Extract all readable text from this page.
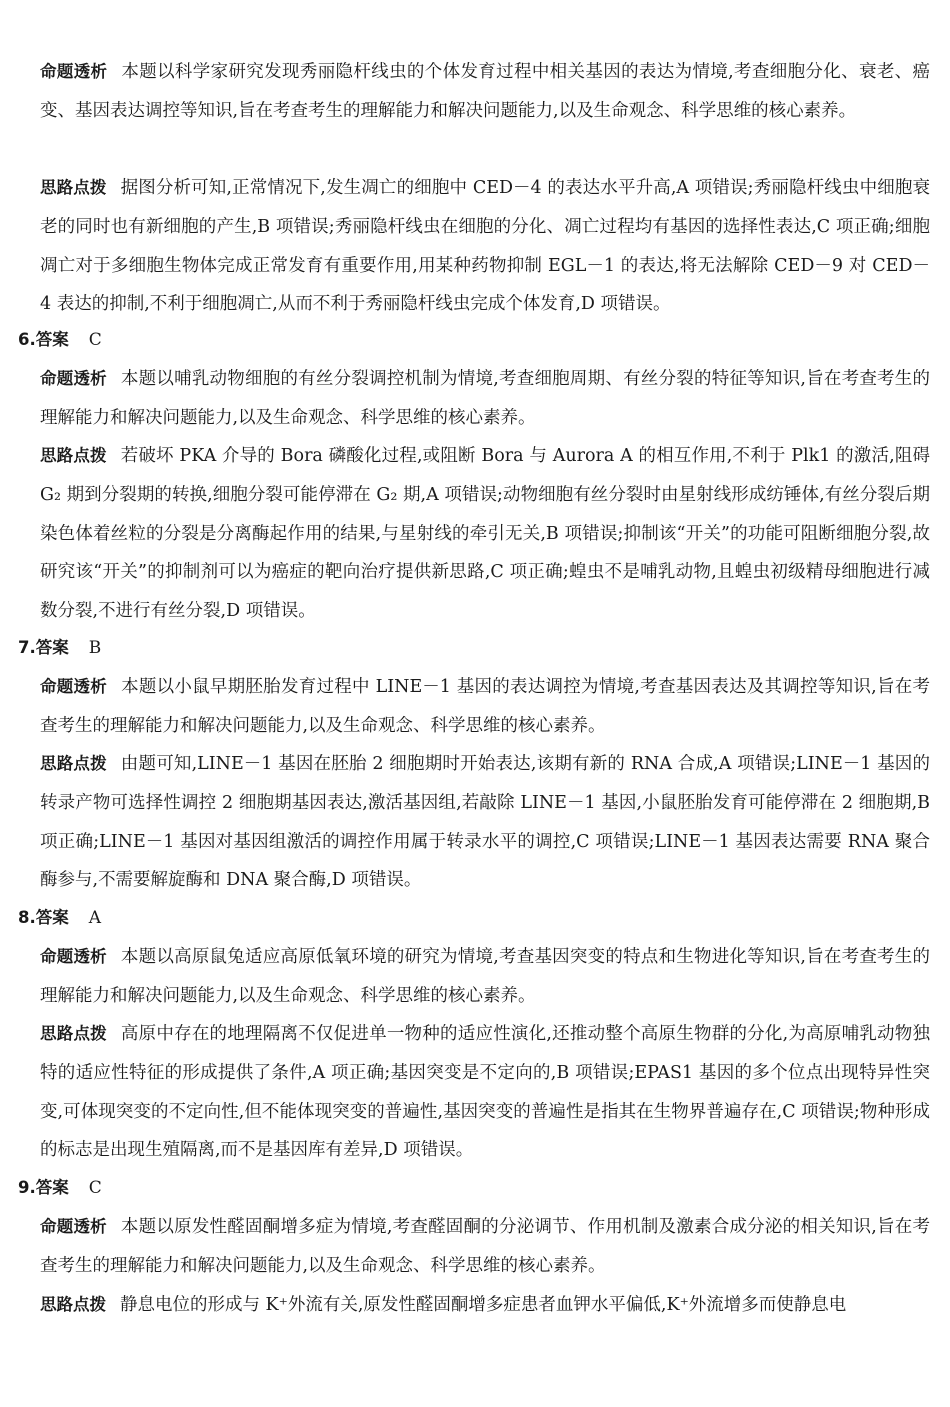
命题透析 本题以科学家研究发现秀丽隐杆线虫的个体发育过程中相关基因的表达为情境,考查细胞分化、衰老、癌变、基因表达调控等知识,旨在考查考生的理解能力和解决问题能力,以及生命观念、科学思维的核心素养。
思路点拨 据图分析可知,正常情况下,发生凋亡的细胞中 CED－4 的表达水平升高,A 项错误;秀丽隐杆线虫中细胞衰老的同时也有新细胞的产生,B 项错误;秀丽隐杆线虫在细胞的分化、凋亡过程均有基因的选择性表达,C 项正确;细胞凋亡对于多细胞生物体完成正常发育有重要作用,用某种药物抑制 EGL－1 的表达,将无法解除 CED－9 对 CED－4 表达的抑制,不利于细胞凋亡,从而不利于秀丽隐杆线虫完成个体发育,D 项错误。
6.答案 C
命题透析 本题以哺乳动物细胞的有丝分裂调控机制为情境,考查细胞周期、有丝分裂的特征等知识,旨在考查考生的理解能力和解决问题能力,以及生命观念、科学思维的核心素养。
思路点拨 若破坏 PKA 介导的 Bora 磷酸化过程,或阻断 Bora 与 Aurora A 的相互作用,不利于 Plk1 的激活,阻碍 G₂ 期到分裂期的转换,细胞分裂可能停滞在 G₂ 期,A 项错误;动物细胞有丝分裂时由星射线形成纺锤体,有丝分裂后期染色体着丝粒的分裂是分离酶起作用的结果,与星射线的牵引无关,B 项错误;抑制该“开关”的功能可阻断细胞分裂,故研究该“开关”的抑制剂可以为癌症的靶向治疗提供新思路,C 项正确;蝗虫不是哺乳动物,且蝗虫初级精母细胞进行减数分裂,不进行有丝分裂,D 项错误。
7.答案 B
命题透析 本题以小鼠早期胚胎发育过程中 LINE－1 基因的表达调控为情境,考查基因表达及其调控等知识,旨在考查考生的理解能力和解决问题能力,以及生命观念、科学思维的核心素养。
思路点拨 由题可知,LINE－1 基因在胚胎 2 细胞期时开始表达,该期有新的 RNA 合成,A 项错误;LINE－1 基因的转录产物可选择性调控 2 细胞期基因表达,激活基因组,若敲除 LINE－1 基因,小鼠胚胎发育可能停滞在 2 细胞期,B 项正确;LINE－1 基因对基因组激活的调控作用属于转录水平的调控,C 项错误;LINE－1 基因表达需要 RNA 聚合酶参与,不需要解旋酶和 DNA 聚合酶,D 项错误。
8.答案 A
命题透析 本题以高原鼠兔适应高原低氧环境的研究为情境,考查基因突变的特点和生物进化等知识,旨在考查考生的理解能力和解决问题能力,以及生命观念、科学思维的核心素养。
思路点拨 高原中存在的地理隔离不仅促进单一物种的适应性演化,还推动整个高原生物群的分化,为高原哺乳动物独特的适应性特征的形成提供了条件,A 项正确;基因突变是不定向的,B 项错误;EPAS1 基因的多个位点出现特异性突变,可体现突变的不定向性,但不能体现突变的普遍性,基因突变的普遍性是指其在生物界普遍存在,C 项错误;物种形成的标志是出现生殖隔离,而不是基因库有差异,D 项错误。
9.答案 C
命题透析 本题以原发性醛固酮增多症为情境,考查醛固酮的分泌调节、作用机制及激素合成分泌的相关知识,旨在考查考生的理解能力和解决问题能力,以及生命观念、科学思维的核心素养。
思路点拨 静息电位的形成与 K⁺外流有关,原发性醛固酮增多症患者血钾水平偏低,K⁺外流增多而使静息电
